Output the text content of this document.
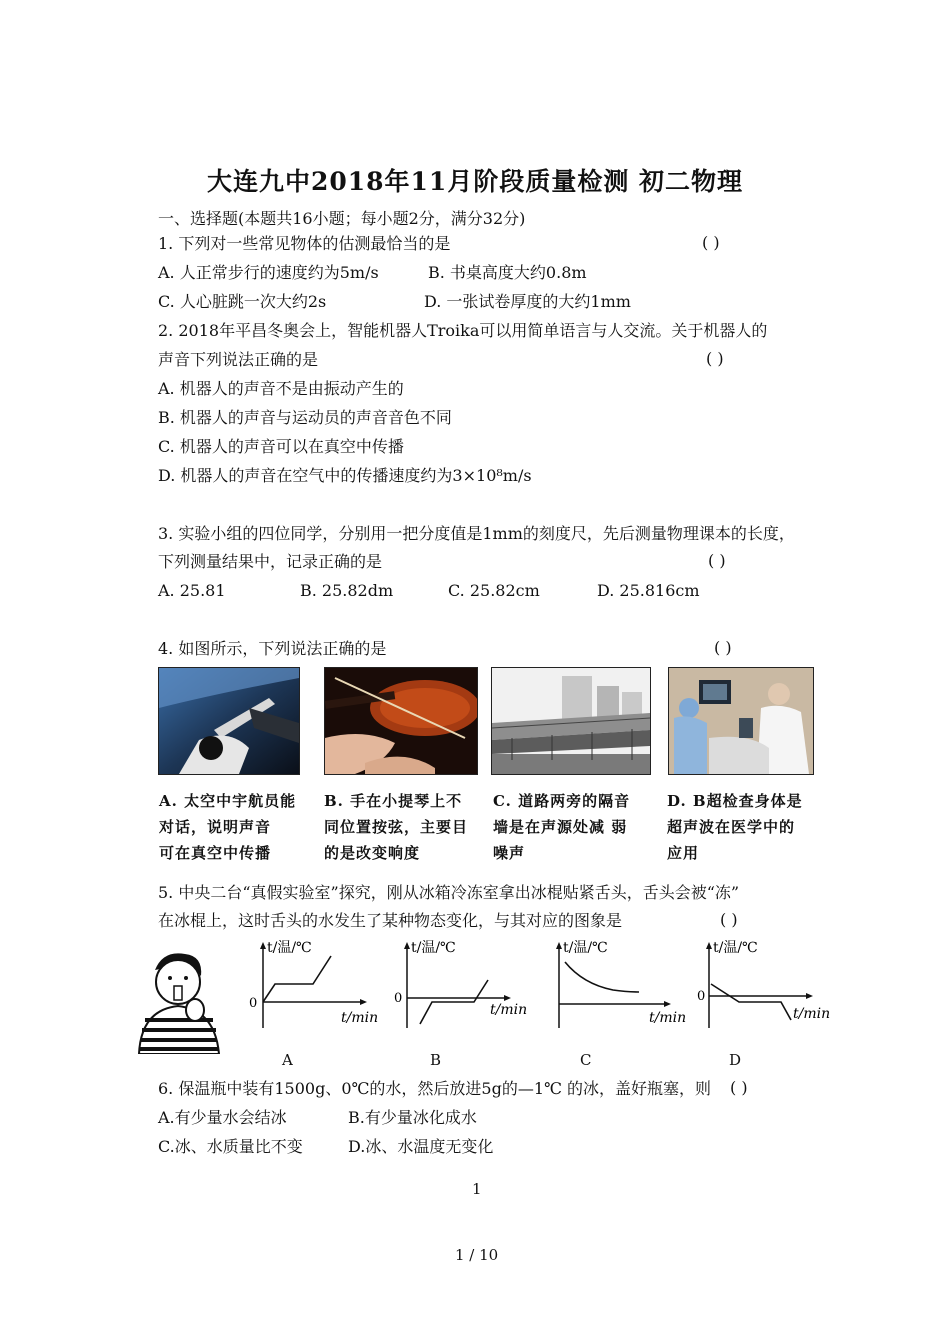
大连九中2018年11月阶段质量检测 初二物理
一、选择题(本题共16小题；每小题2分，满分32分)
1. 下列对一些常见物体的估测最恰当的是	( )
A. 人正常步行的速度约为5m/s	B. 书桌高度大约0.8m
C. 人心脏跳一次大约2s	D. 一张试卷厚度的大约1mm
2. 2018年平昌冬奥会上，智能机器人Troika可以用简单语言与人交流。关于机器人的
声音下列说法正确的是	( )
A. 机器人的声音不是由振动产生的
B. 机器人的声音与运动员的声音音色不同
C. 机器人的声音可以在真空中传播
D. 机器人的声音在空气中的传播速度约为3×10⁸m/s
3. 实验小组的四位同学，分别用一把分度值是1mm的刻度尺，先后测量物理课本的长度，
下列测量结果中，记录正确的是	( )
A. 25.81	B. 25.82dm	C. 25.82cm	D. 25.816cm
4. 如图所示，下列说法正确的是	( )
A. 太空中宇航员能
对话，说明声音
可在真空中传播
B. 手在小提琴上不
同位置按弦，主要目
的是改变响度
C. 道路两旁的隔音
墙是在声源处减 弱
噪声
D. B超检查身体是
超声波在医学中的
应用
5. 中央二台“真假实验室”探究，刚从冰箱冷冻室拿出冰棍贴紧舌头，舌头会被“冻”
在冰棍上，这时舌头的水发生了某种物态变化，与其对应的图象是	( )
t/温/℃
0
t/min
t/温/℃
0
t/min
t/温/℃
t/min
t/温/℃
0
t/min
A	B	C	D
6. 保温瓶中装有1500g、0℃的水，然后放进5g的—1℃ 的冰，盖好瓶塞，则 ( )
A.有少量水会结冰	B.有少量冰化成水
C.冰、水质量比不变	D.冰、水温度无变化
1
1 / 10
